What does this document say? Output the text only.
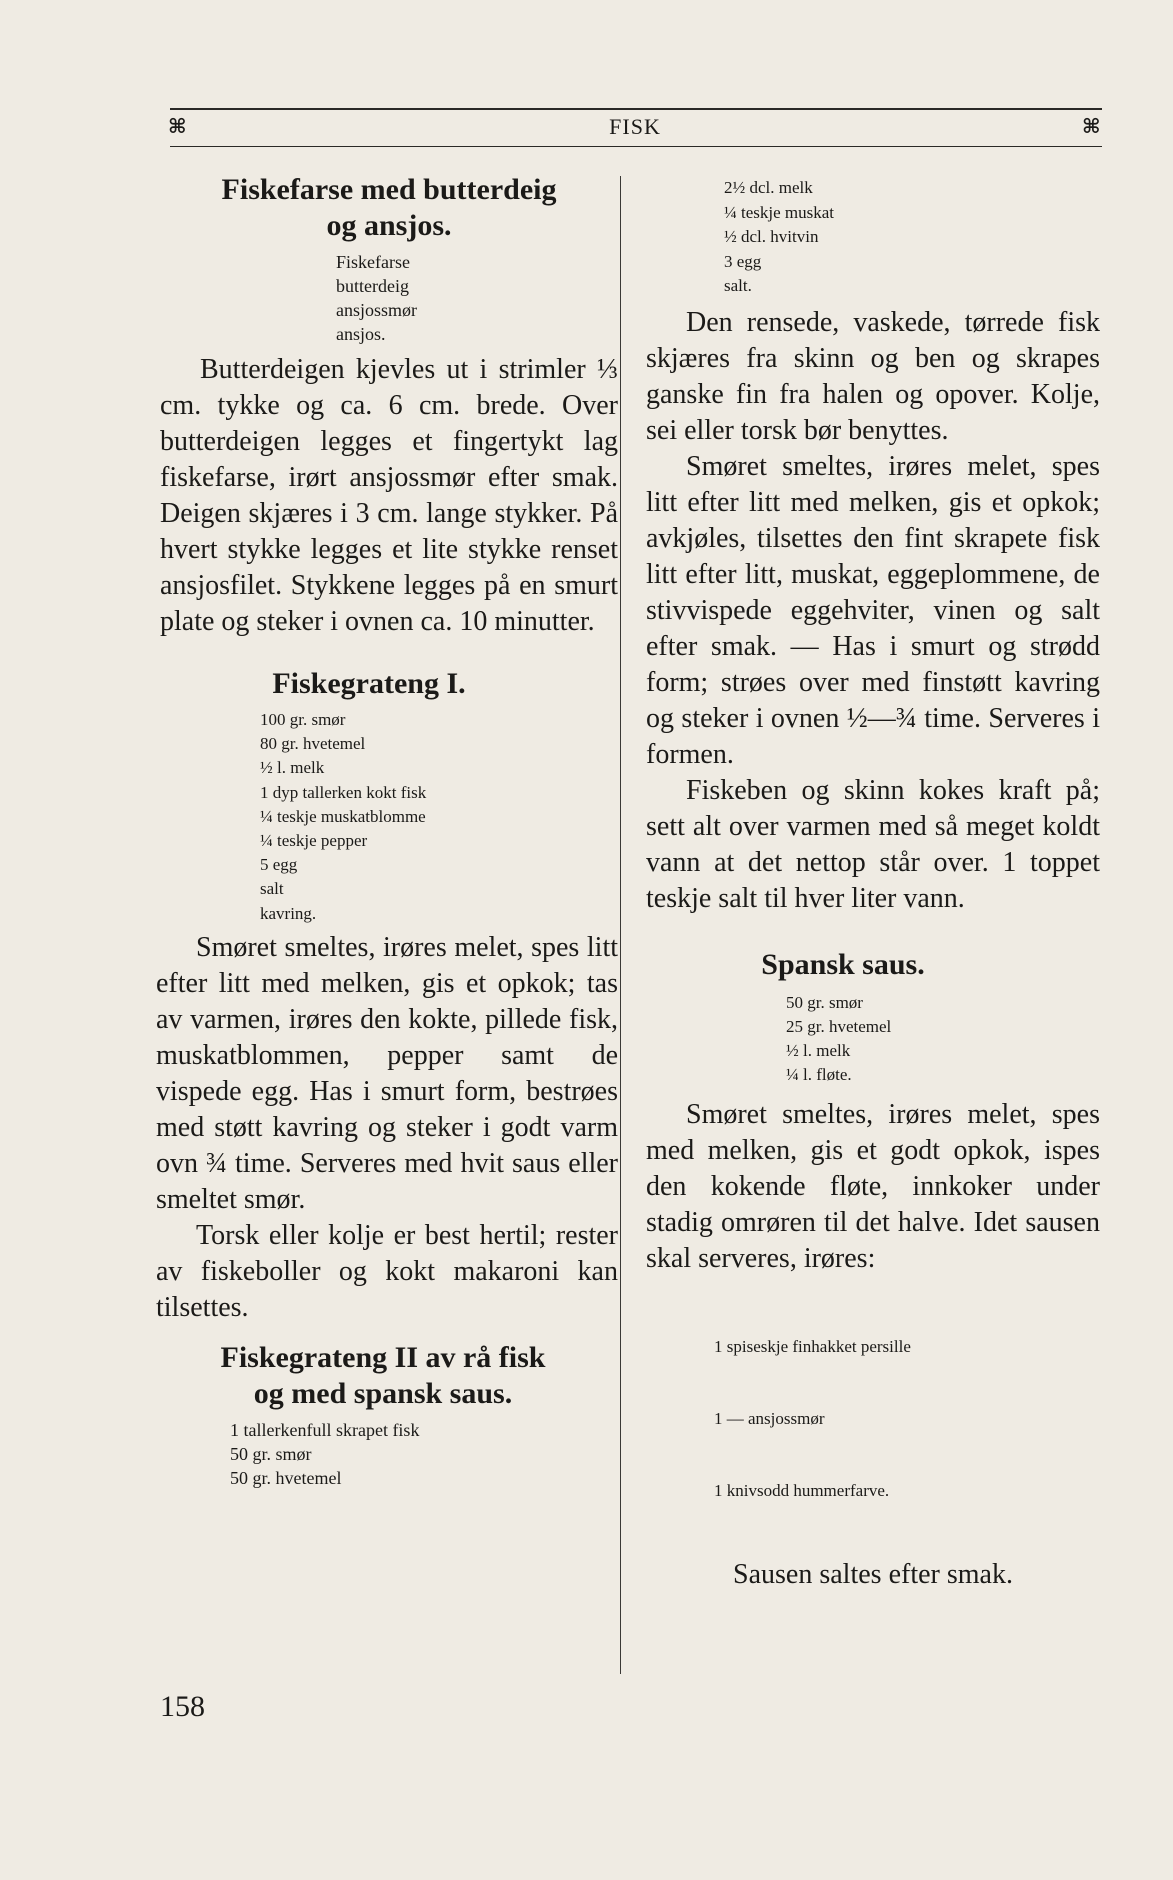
⌘	FISK	⌘
Fiskefarse med butterdeig
og ansjos.
Fiskefarse
butterdeig
ansjossmør
ansjos.

Butterdeigen kjevles ut i strimler ⅓ cm. tykke og ca. 6 cm. brede. Over butterdeigen legges et fingertykt lag fiskefarse, irørt ansjossmør efter smak. Deigen skjæres i 3 cm. lange stykker. På hvert stykke legges et lite stykke renset ansjosfilet. Stykkene legges på en smurt plate og steker i ovnen ca. 10 minutter.

Fiskegrateng I.
100 gr. smør
80 gr. hvetemel
½ l. melk
1 dyp tallerken kokt fisk
¼ teskje muskatblomme
¼ teskje pepper
5 egg
salt
kavring.

Smøret smeltes, irøres melet, spes litt efter litt med melken, gis et opkok; tas av varmen, irøres den kokte, pillede fisk, muskatblommen, pepper samt de vispede egg. Has i smurt form, bestrøes med støtt kavring og steker i godt varm ovn ¾ time. Serveres med hvit saus eller smeltet smør.

Torsk eller kolje er best hertil; rester av fiskeboller og kokt makaroni kan tilsettes.

Fiskegrateng II av rå fisk
og med spansk saus.
1 tallerkenfull skrapet fisk
50 gr. smør
50 gr. hvetemel
2½ dcl. melk
¼ teskje muskat
½ dcl. hvitvin
3 egg
salt.

Den rensede, vaskede, tørrede fisk skjæres fra skinn og ben og skrapes ganske fin fra halen og opover. Kolje, sei eller torsk bør benyttes.

Smøret smeltes, irøres melet, spes litt efter litt med melken, gis et opkok; avkjøles, tilsettes den fint skrapete fisk litt efter litt, muskat, eggeplommene, de stivvispede eggehviter, vinen og salt efter smak. — Has i smurt og strødd form; strøes over med finstøtt kavring og steker i ovnen ½—¾ time. Serveres i formen.

Fiskeben og skinn kokes kraft på; sett alt over varmen med så meget koldt vann at det nettop står over. 1 toppet teskje salt til hver liter vann.

Spansk saus.
50 gr. smør
25 gr. hvetemel
½ l. melk
¼ l. fløte.

Smøret smeltes, irøres melet, spes med melken, gis et godt opkok, ispes den kokende fløte, innkoker under stadig omrøren til det halve. Idet sausen skal serveres, irøres:

1 spiseskje finhakket persille

1 — ansjossmør

1 knivsodd hummerfarve.

Sausen saltes efter smak.

158
